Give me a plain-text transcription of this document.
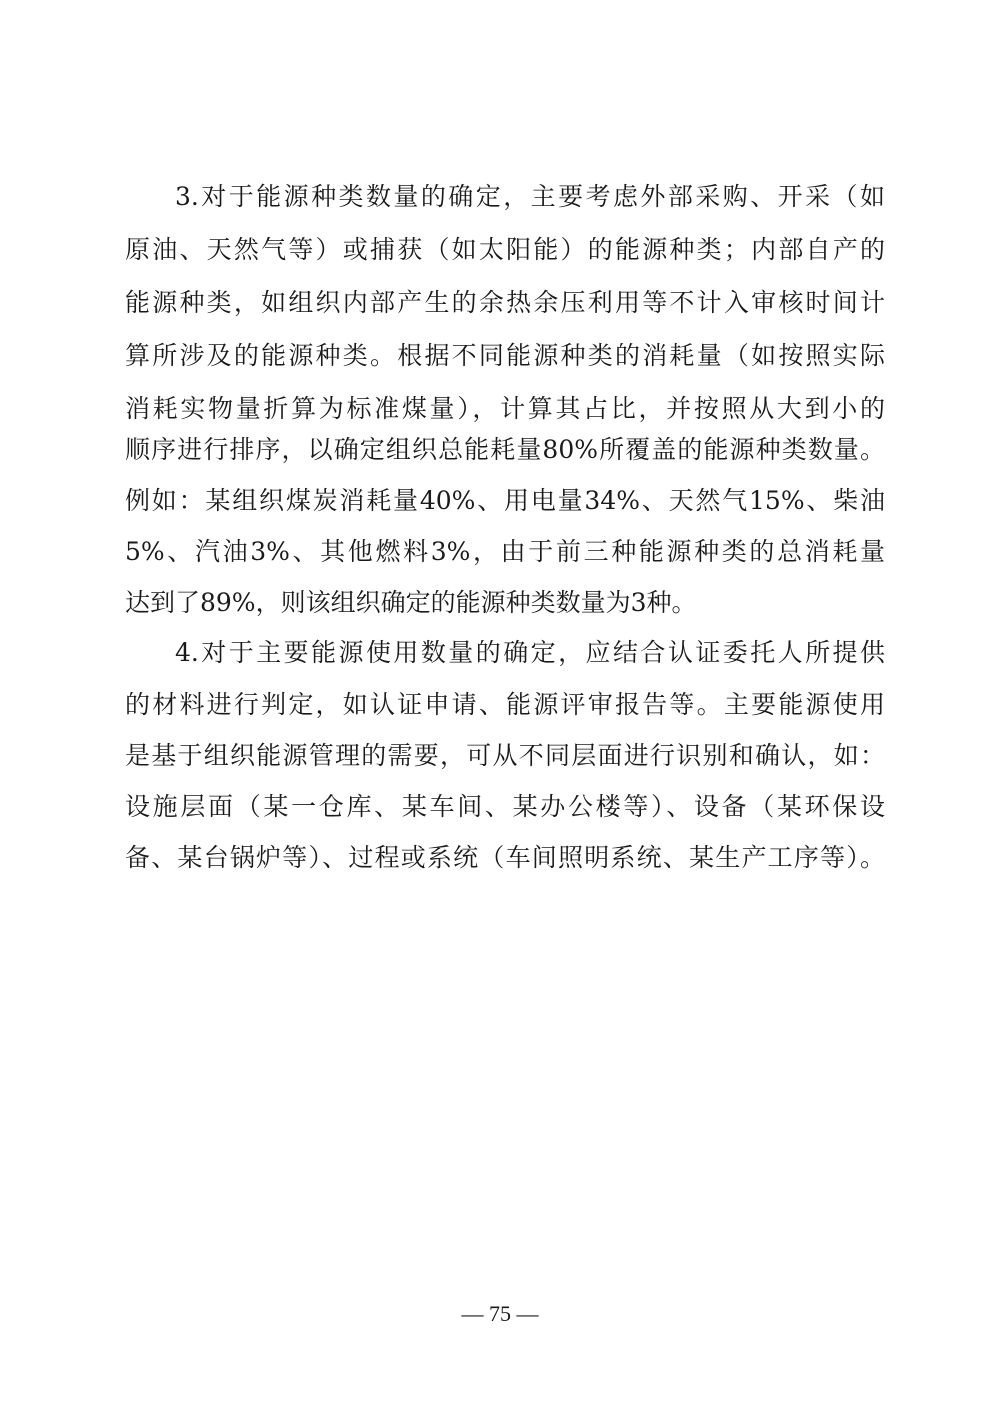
3.对于能源种类数量的确定，主要考虑外部采购、开采（如
原油、天然气等）或捕获（如太阳能）的能源种类；内部自产的
能源种类，如组织内部产生的余热余压利用等不计入审核时间计
算所涉及的能源种类。根据不同能源种类的消耗量（如按照实际
消耗实物量折算为标准煤量），计算其占比，并按照从大到小的
顺序进行排序，以确定组织总能耗量80%所覆盖的能源种类数量。
例如：某组织煤炭消耗量40%、用电量34%、天然气15%、柴油
5%、汽油3%、其他燃料3%，由于前三种能源种类的总消耗量
达到了89%，则该组织确定的能源种类数量为3种。
4.对于主要能源使用数量的确定，应结合认证委托人所提供
的材料进行判定，如认证申请、能源评审报告等。主要能源使用
是基于组织能源管理的需要，可从不同层面进行识别和确认，如：
设施层面（某一仓库、某车间、某办公楼等）、设备（某环保设
备、某台锅炉等）、过程或系统（车间照明系统、某生产工序等）。
— 75 —
